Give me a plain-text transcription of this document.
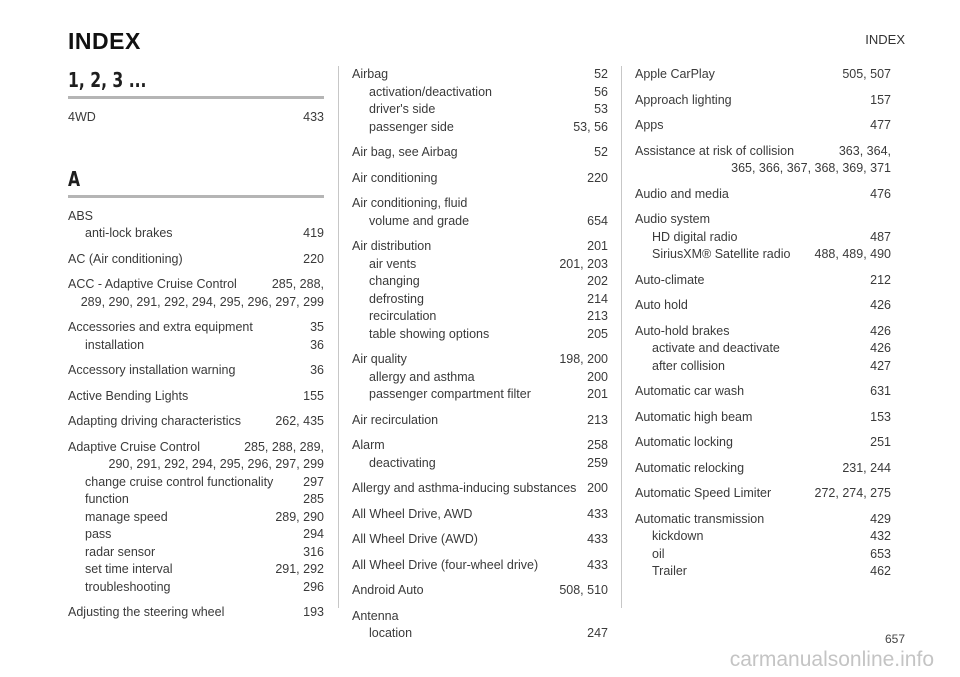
INDEX	INDEX
1, 2, 3 ...
4WD	433
A
ABS
anti-lock brakes	419
AC (Air conditioning)	220
ACC - Adaptive Cruise Control	285, 288,
289, 290, 291, 292, 294, 295, 296, 297, 299
Accessories and extra equipment	35
installation	36
Accessory installation warning	36
Active Bending Lights	155
Adapting driving characteristics	262, 435
Adaptive Cruise Control	285, 288, 289,
290, 291, 292, 294, 295, 296, 297, 299
change cruise control functionality	297
function	285
manage speed	289, 290
pass	294
radar sensor	316
set time interval	291, 292
troubleshooting	296
Adjusting the steering wheel	193
Airbag	52
activation/deactivation	56
driver's side	53
passenger side	53, 56
Air bag, see Airbag	52
Air conditioning	220
Air conditioning, fluid
volume and grade	654
Air distribution	201
air vents	201, 203
changing	202
defrosting	214
recirculation	213
table showing options	205
Air quality	198, 200
allergy and asthma	200
passenger compartment filter	201
Air recirculation	213
Alarm	258
deactivating	259
Allergy and asthma-inducing substances 200
All Wheel Drive, AWD	433
All Wheel Drive (AWD)	433
All Wheel Drive (four-wheel drive)	433
Android Auto	508, 510
Antenna
location	247
Apple CarPlay	505, 507
Approach lighting	157
Apps	477
Assistance at risk of collision	363, 364,
365, 366, 367, 368, 369, 371
Audio and media	476
Audio system
HD digital radio	487
SiriusXM® Satellite radio	488, 489, 490
Auto-climate	212
Auto hold	426
Auto-hold brakes	426
activate and deactivate	426
after collision	427
Automatic car wash	631
Automatic high beam	153
Automatic locking	251
Automatic relocking	231, 244
Automatic Speed Limiter	272, 274, 275
Automatic transmission	429
kickdown	432
oil	653
Trailer	462
657
carmanualsonline.info
